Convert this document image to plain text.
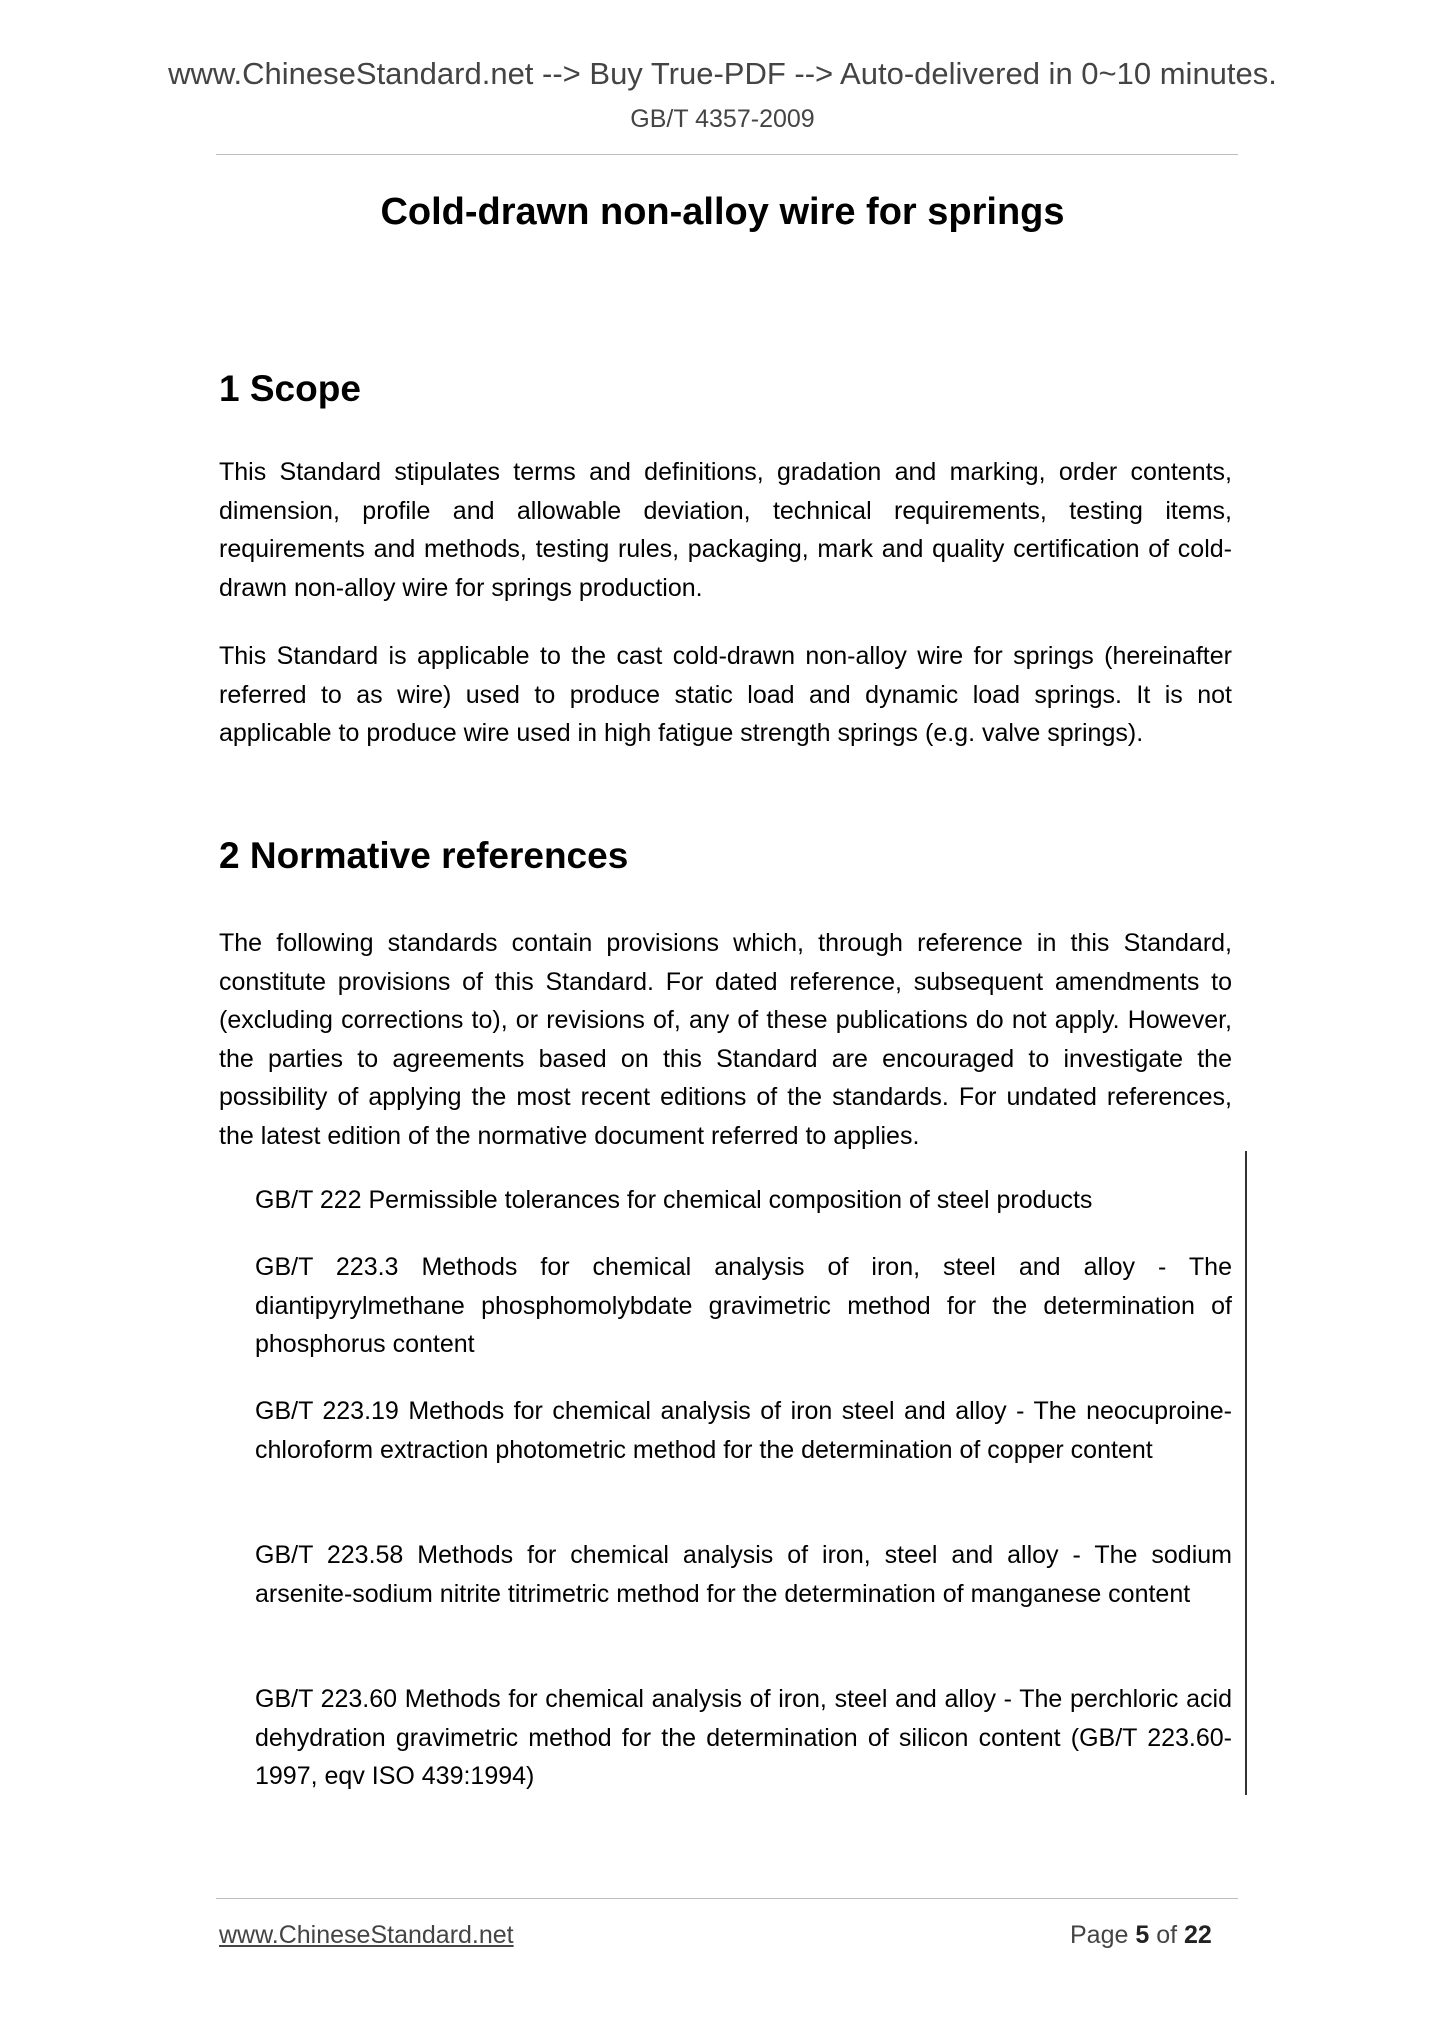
www.ChineseStandard.net --> Buy True-PDF --> Auto-delivered in 0~10 minutes.
GB/T 4357-2009
Cold-drawn non-alloy wire for springs
1 Scope

This Standard stipulates terms and definitions, gradation and marking, order contents, dimension, profile and allowable deviation, technical requirements, testing items, requirements and methods, testing rules, packaging, mark and quality certification of cold-drawn non-alloy wire for springs production.

This Standard is applicable to the cast cold-drawn non-alloy wire for springs (hereinafter referred to as wire) used to produce static load and dynamic load springs. It is not applicable to produce wire used in high fatigue strength springs (e.g. valve springs).

2 Normative references

The following standards contain provisions which, through reference in this Standard, constitute provisions of this Standard. For dated reference, subsequent amendments to (excluding corrections to), or revisions of, any of these publications do not apply. However, the parties to agreements based on this Standard are encouraged to investigate the possibility of applying the most recent editions of the standards. For undated references, the latest edition of the normative document referred to applies.

GB/T 222 Permissible tolerances for chemical composition of steel products

GB/T 223.3 Methods for chemical analysis of iron, steel and alloy - The diantipyrylmethane phosphomolybdate gravimetric method for the determination of phosphorus content

GB/T 223.19 Methods for chemical analysis of iron steel and alloy - The neocuproine-chloroform extraction photometric method for the determination of copper content

GB/T 223.58 Methods for chemical analysis of iron, steel and alloy - The sodium arsenite-sodium nitrite titrimetric method for the determination of manganese content

GB/T 223.60 Methods for chemical analysis of iron, steel and alloy - The perchloric acid dehydration gravimetric method for the determination of silicon content (GB/T 223.60-1997, eqv ISO 439:1994)

www.ChineseStandard.net	Page 5 of 22
